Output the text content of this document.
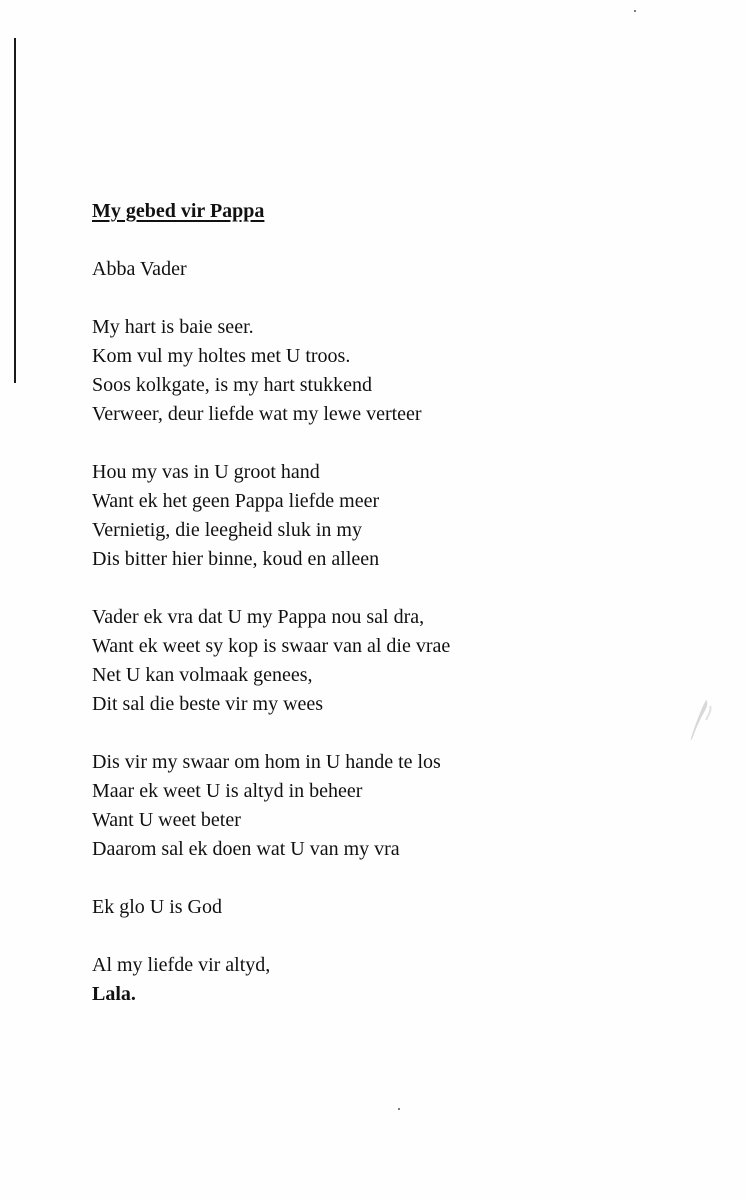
My gebed vir Pappa
Abba Vader
My hart is baie seer.
Kom vul my holtes met U troos.
Soos kolkgate, is my hart stukkend
Verweer, deur liefde wat my lewe verteer
Hou my vas in U groot hand
Want ek het geen Pappa liefde meer
Vernietig, die leegheid sluk in my
Dis bitter hier binne, koud en alleen
Vader ek vra dat U my Pappa nou sal dra,
Want ek weet sy kop is swaar van al die vrae
Net U kan volmaak genees,
Dit sal die beste vir my wees
Dis vir my swaar om hom in U hande te los
Maar ek weet U is altyd in beheer
Want U weet beter
Daarom sal ek doen wat U van my vra
Ek glo U is God
Al my liefde vir altyd,
Lala.
